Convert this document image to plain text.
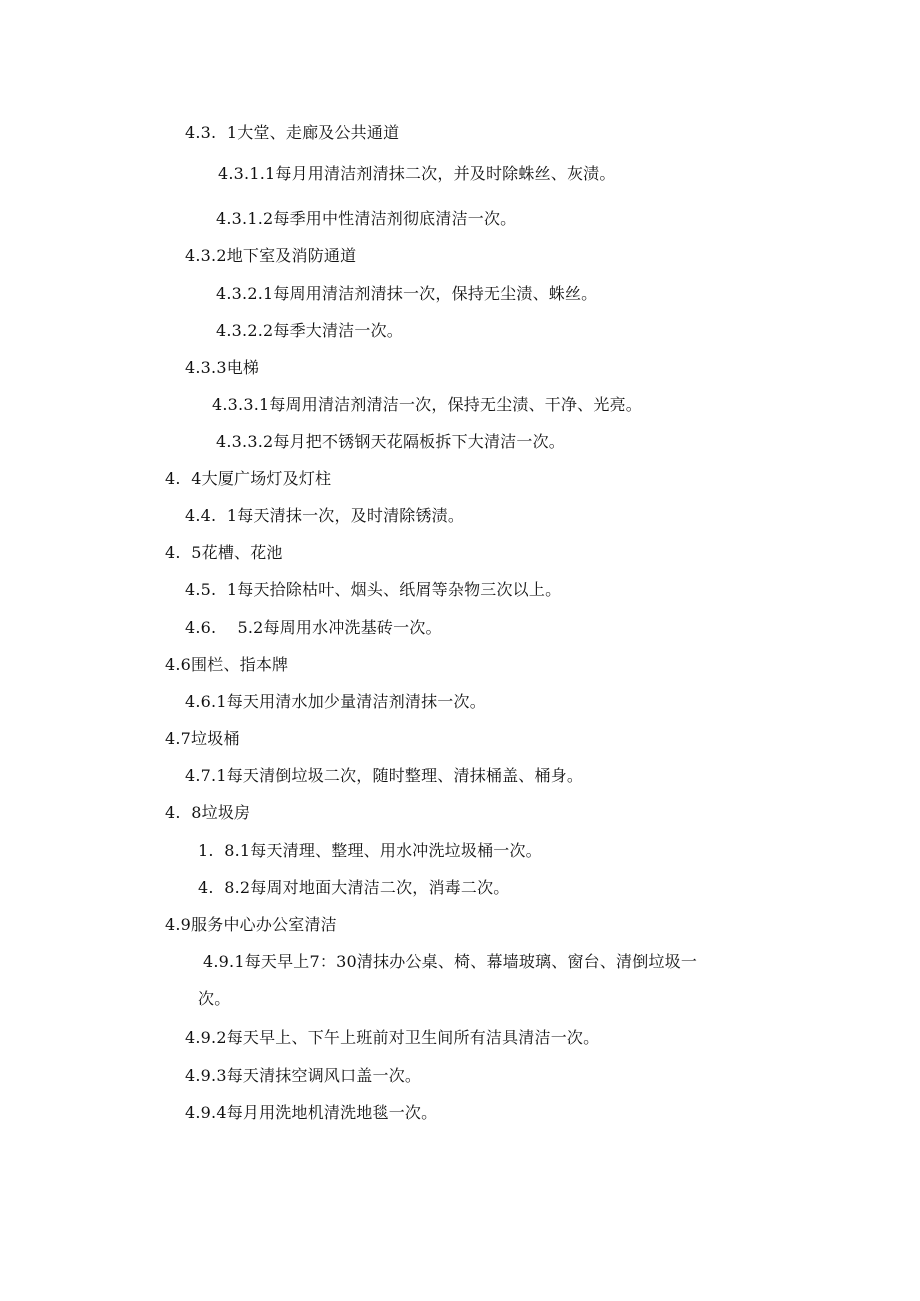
4.3.  1大堂、走廊及公共通道
4.3.1.1每月用清洁剂清抹二次，并及时除蛛丝、灰渍。
4.3.1.2每季用中性清洁剂彻底清洁一次。
4.3.2地下室及消防通道
4.3.2.1每周用清洁剂清抹一次，保持无尘渍、蛛丝。
4.3.2.2每季大清洁一次。
4.3.3电梯
4.3.3.1每周用清洁剂清洁一次，保持无尘渍、干净、光亮。
4.3.3.2每月把不锈钢天花隔板拆下大清洁一次。
4.  4大厦广场灯及灯柱
4.4.  1每天清抹一次，及时清除锈渍。
4.  5花槽、花池
4.5.  1每天拾除枯叶、烟头、纸屑等杂物三次以上。
4.6.    5.2每周用水冲洗基砖一次。
4.6围栏、指本牌
4.6.1每天用清水加少量清洁剂清抹一次。
4.7垃圾桶
4.7.1每天清倒垃圾二次，随时整理、清抹桶盖、桶身。
4.  8垃圾房
1.  8.1每天清理、整理、用水冲洗垃圾桶一次。
4.  8.2每周对地面大清洁二次，消毒二次。
4.9服务中心办公室清洁
4.9.1每天早上7：30清抹办公桌、椅、幕墙玻璃、窗台、清倒垃圾一
次。
4.9.2每天早上、下午上班前对卫生间所有洁具清洁一次。
4.9.3每天清抹空调风口盖一次。
4.9.4每月用洗地机清洗地毯一次。
